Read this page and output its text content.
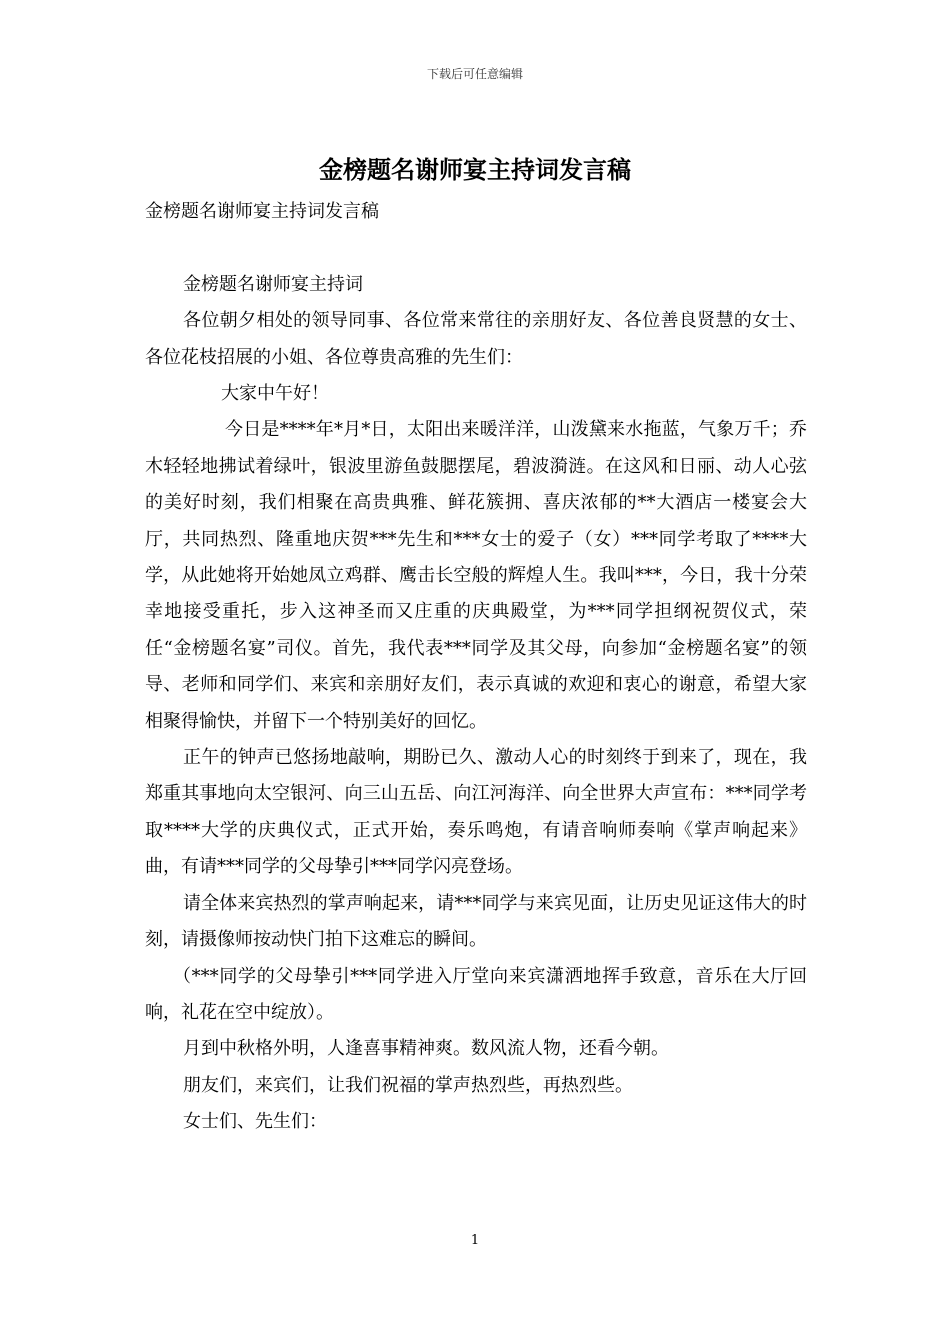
下载后可任意编辑
金榜题名谢师宴主持词发言稿

金榜题名谢师宴主持词发言稿

金榜题名谢师宴主持词

各位朝夕相处的领导同事、各位常来常往的亲朋好友、各位善良贤慧的女士、各位花枝招展的小姐、各位尊贵高雅的先生们：

大家中午好！

今日是****年*月*日，太阳出来暖洋洋，山泼黛来水拖蓝，气象万千；乔木轻轻地拂试着绿叶，银波里游鱼鼓腮摆尾，碧波漪涟。在这风和日丽、动人心弦的美好时刻，我们相聚在高贵典雅、鲜花簇拥、喜庆浓郁的**大酒店一楼宴会大厅，共同热烈、隆重地庆贺***先生和***女士的爱子（女）***同学考取了****大学，从此她将开始她凤立鸡群、鹰击长空般的辉煌人生。我叫***，今日，我十分荣幸地接受重托，步入这神圣而又庄重的庆典殿堂，为***同学担纲祝贺仪式，荣任“金榜题名宴”司仪。首先，我代表***同学及其父母，向参加“金榜题名宴”的领导、老师和同学们、来宾和亲朋好友们，表示真诚的欢迎和衷心的谢意，希望大家相聚得愉快，并留下一个特别美好的回忆。

正午的钟声已悠扬地敲响，期盼已久、激动人心的时刻终于到来了，现在，我郑重其事地向太空银河、向三山五岳、向江河海洋、向全世界大声宣布：***同学考取****大学的庆典仪式，正式开始，奏乐鸣炮，有请音响师奏响《掌声响起来》曲，有请***同学的父母挚引***同学闪亮登场。

请全体来宾热烈的掌声响起来，请***同学与来宾见面，让历史见证这伟大的时刻，请摄像师按动快门拍下这难忘的瞬间。

（***同学的父母挚引***同学进入厅堂向来宾潇洒地挥手致意，音乐在大厅回响，礼花在空中绽放）。

月到中秋格外明，人逢喜事精神爽。数风流人物，还看今朝。

朋友们，来宾们，让我们祝福的掌声热烈些，再热烈些。

女士们、先生们：

1
